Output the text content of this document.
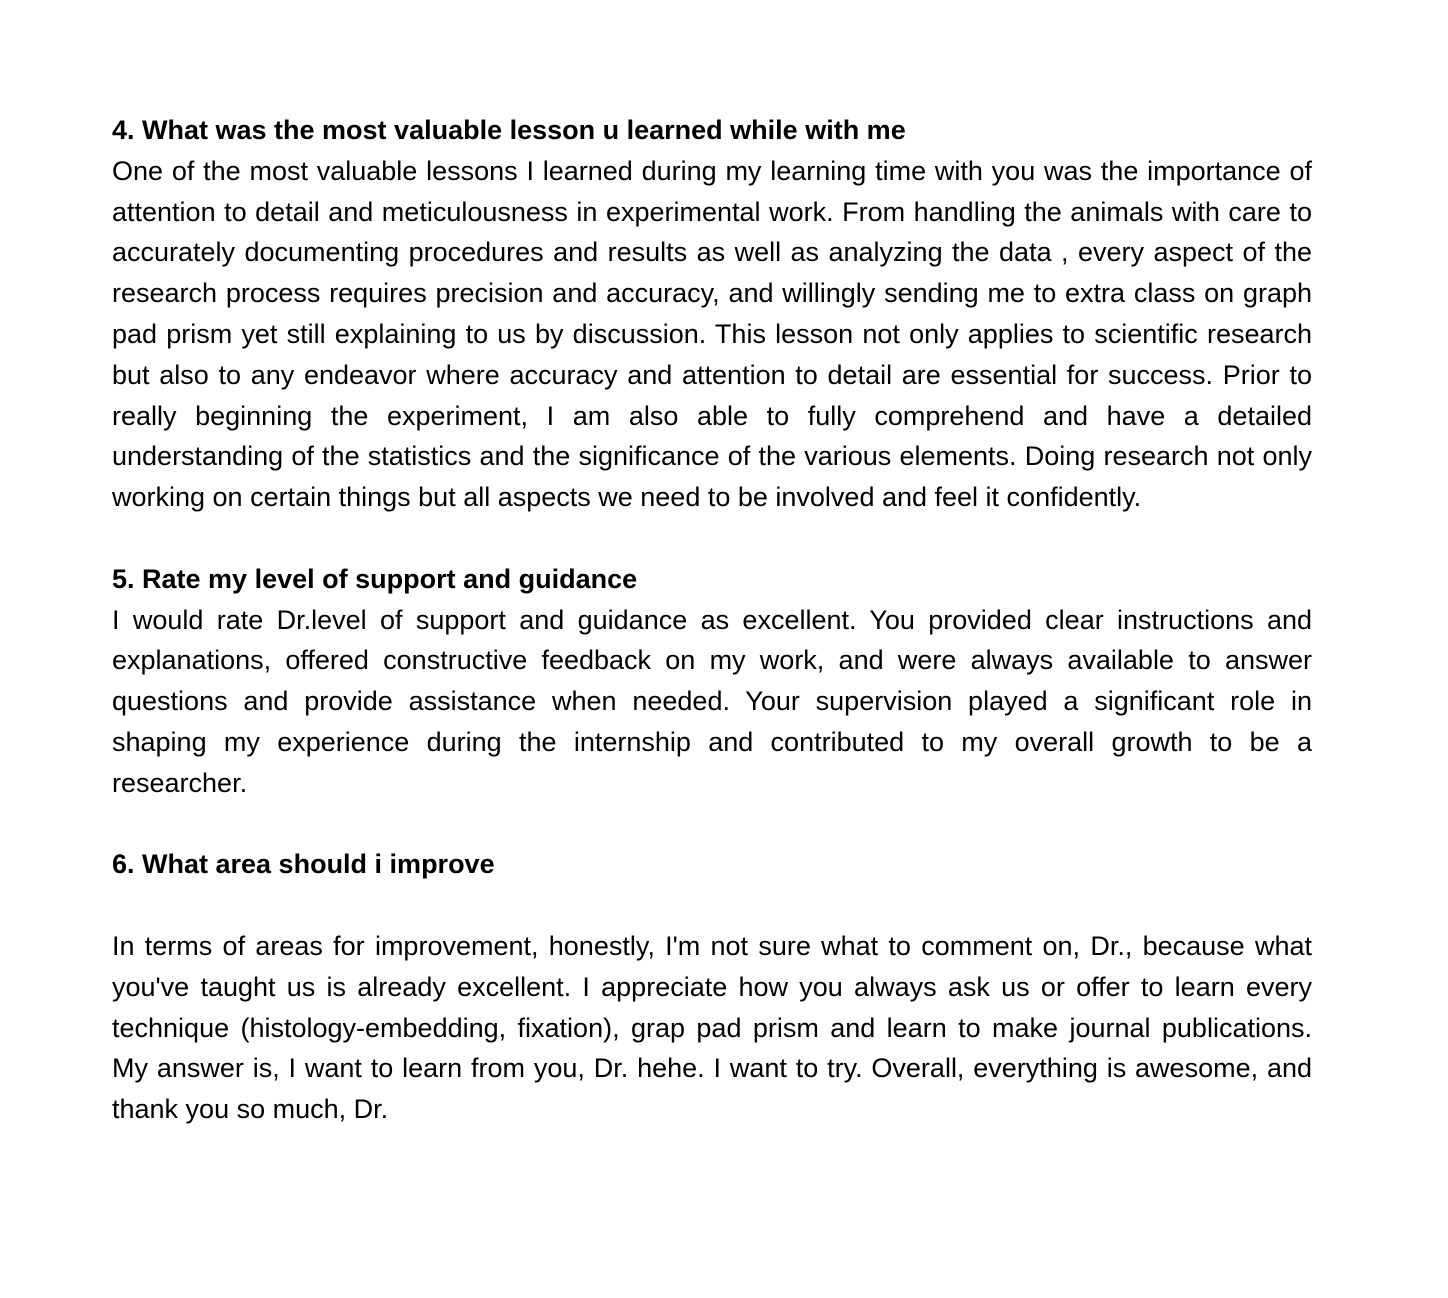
4. What was the most valuable lesson u learned while with me

One of the most valuable lessons I learned during my learning time with you was the importance of attention to detail and meticulousness in experimental work. From handling the animals with care to accurately documenting procedures and results as well as analyzing the data , every aspect of the research process requires precision and accuracy, and willingly sending me to extra class on graph pad prism yet still explaining to us by discussion. This lesson not only applies to scientific research but also to any endeavor where accuracy and attention to detail are essential for success. Prior to really beginning the experiment, I am also able to fully comprehend and have a detailed understanding of the statistics and the significance of the various elements. Doing research not only working on certain things but all aspects we need to be involved and feel it confidently.

5. Rate my level of support and guidance

I would rate Dr.level of support and guidance as excellent. You provided clear instructions and explanations, offered constructive feedback on my work, and were always available to answer questions and provide assistance when needed. Your supervision played a significant role in shaping my experience during the internship and contributed to my overall growth to be a researcher.

6. What area should i improve

In terms of areas for improvement, honestly, I'm not sure what to comment on, Dr., because what you've taught us is already excellent. I appreciate how you always ask us or offer to learn every technique (histology-embedding, fixation), grap pad prism and learn to make journal publications. My answer is, I want to learn from you, Dr. hehe. I want to try. Overall, everything is awesome, and thank you so much, Dr.
